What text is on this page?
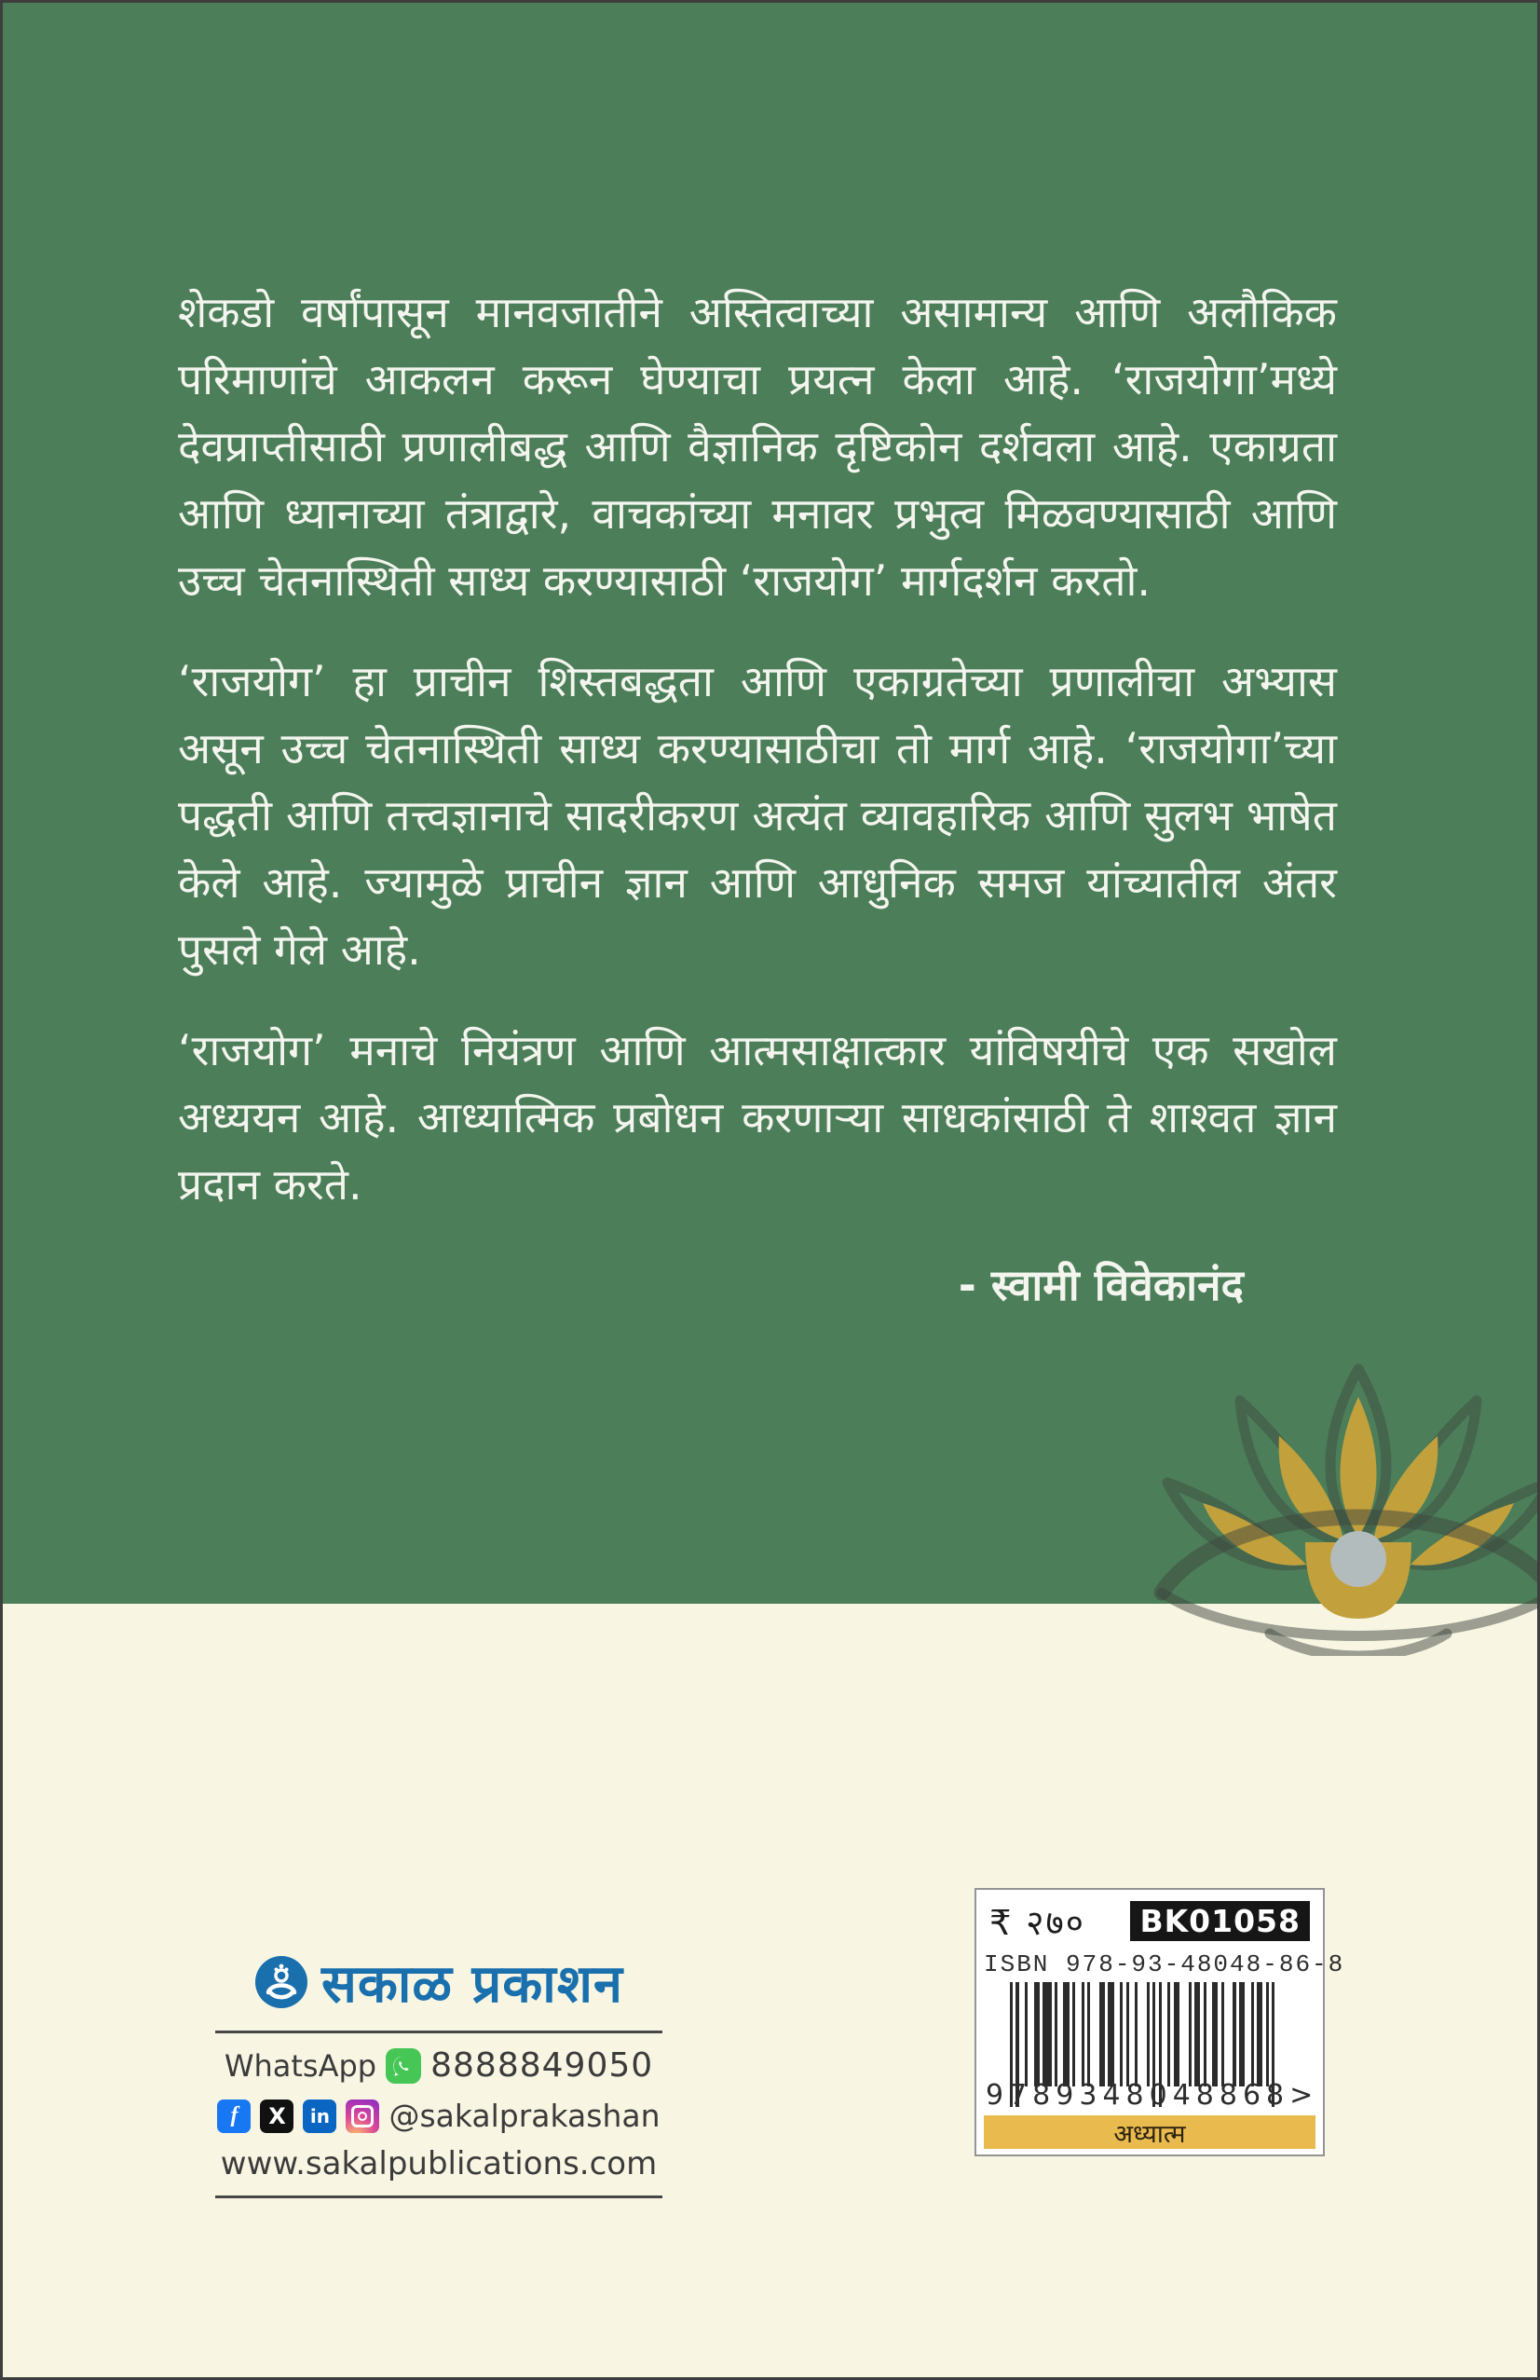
शेकडो वर्षांपासून मानवजातीने अस्तित्वाच्या असामान्य आणि अलौकिक परिमाणांचे आकलन करून घेण्याचा प्रयत्न केला आहे. ‘राजयोगा’मध्ये देवप्राप्तीसाठी प्रणालीबद्ध आणि वैज्ञानिक दृष्टिकोन दर्शवला आहे. एकाग्रता आणि ध्यानाच्या तंत्राद्वारे, वाचकांच्या मनावर प्रभुत्व मिळवण्यासाठी आणि उच्च चेतनास्थिती साध्य करण्यासाठी ‘राजयोग’ मार्गदर्शन करतो.

‘राजयोग’ हा प्राचीन शिस्तबद्धता आणि एकाग्रतेच्या प्रणालीचा अभ्यास असून उच्च चेतनास्थिती साध्य करण्यासाठीचा तो मार्ग आहे. ‘राजयोगा’च्या पद्धती आणि तत्त्वज्ञानाचे सादरीकरण अत्यंत व्यावहारिक आणि सुलभ भाषेत केले आहे. ज्यामुळे प्राचीन ज्ञान आणि आधुनिक समज यांच्यातील अंतर पुसले गेले आहे.

‘राजयोग’ मनाचे नियंत्रण आणि आत्मसाक्षात्कार यांविषयीचे एक सखोल अध्ययन आहे. आध्यात्मिक प्रबोधन करणाऱ्या साधकांसाठी ते शाश्वत ज्ञान प्रदान करते.

- स्वामी विवेकानंद
सकाळ प्रकाशन
WhatsApp 8888849050
f	X	in @sakalprakashan
www.sakalpublications.com
₹ २७०	BK01058
ISBN 978-93-48048-86-8
9 789348 048868 >
अध्यात्म
